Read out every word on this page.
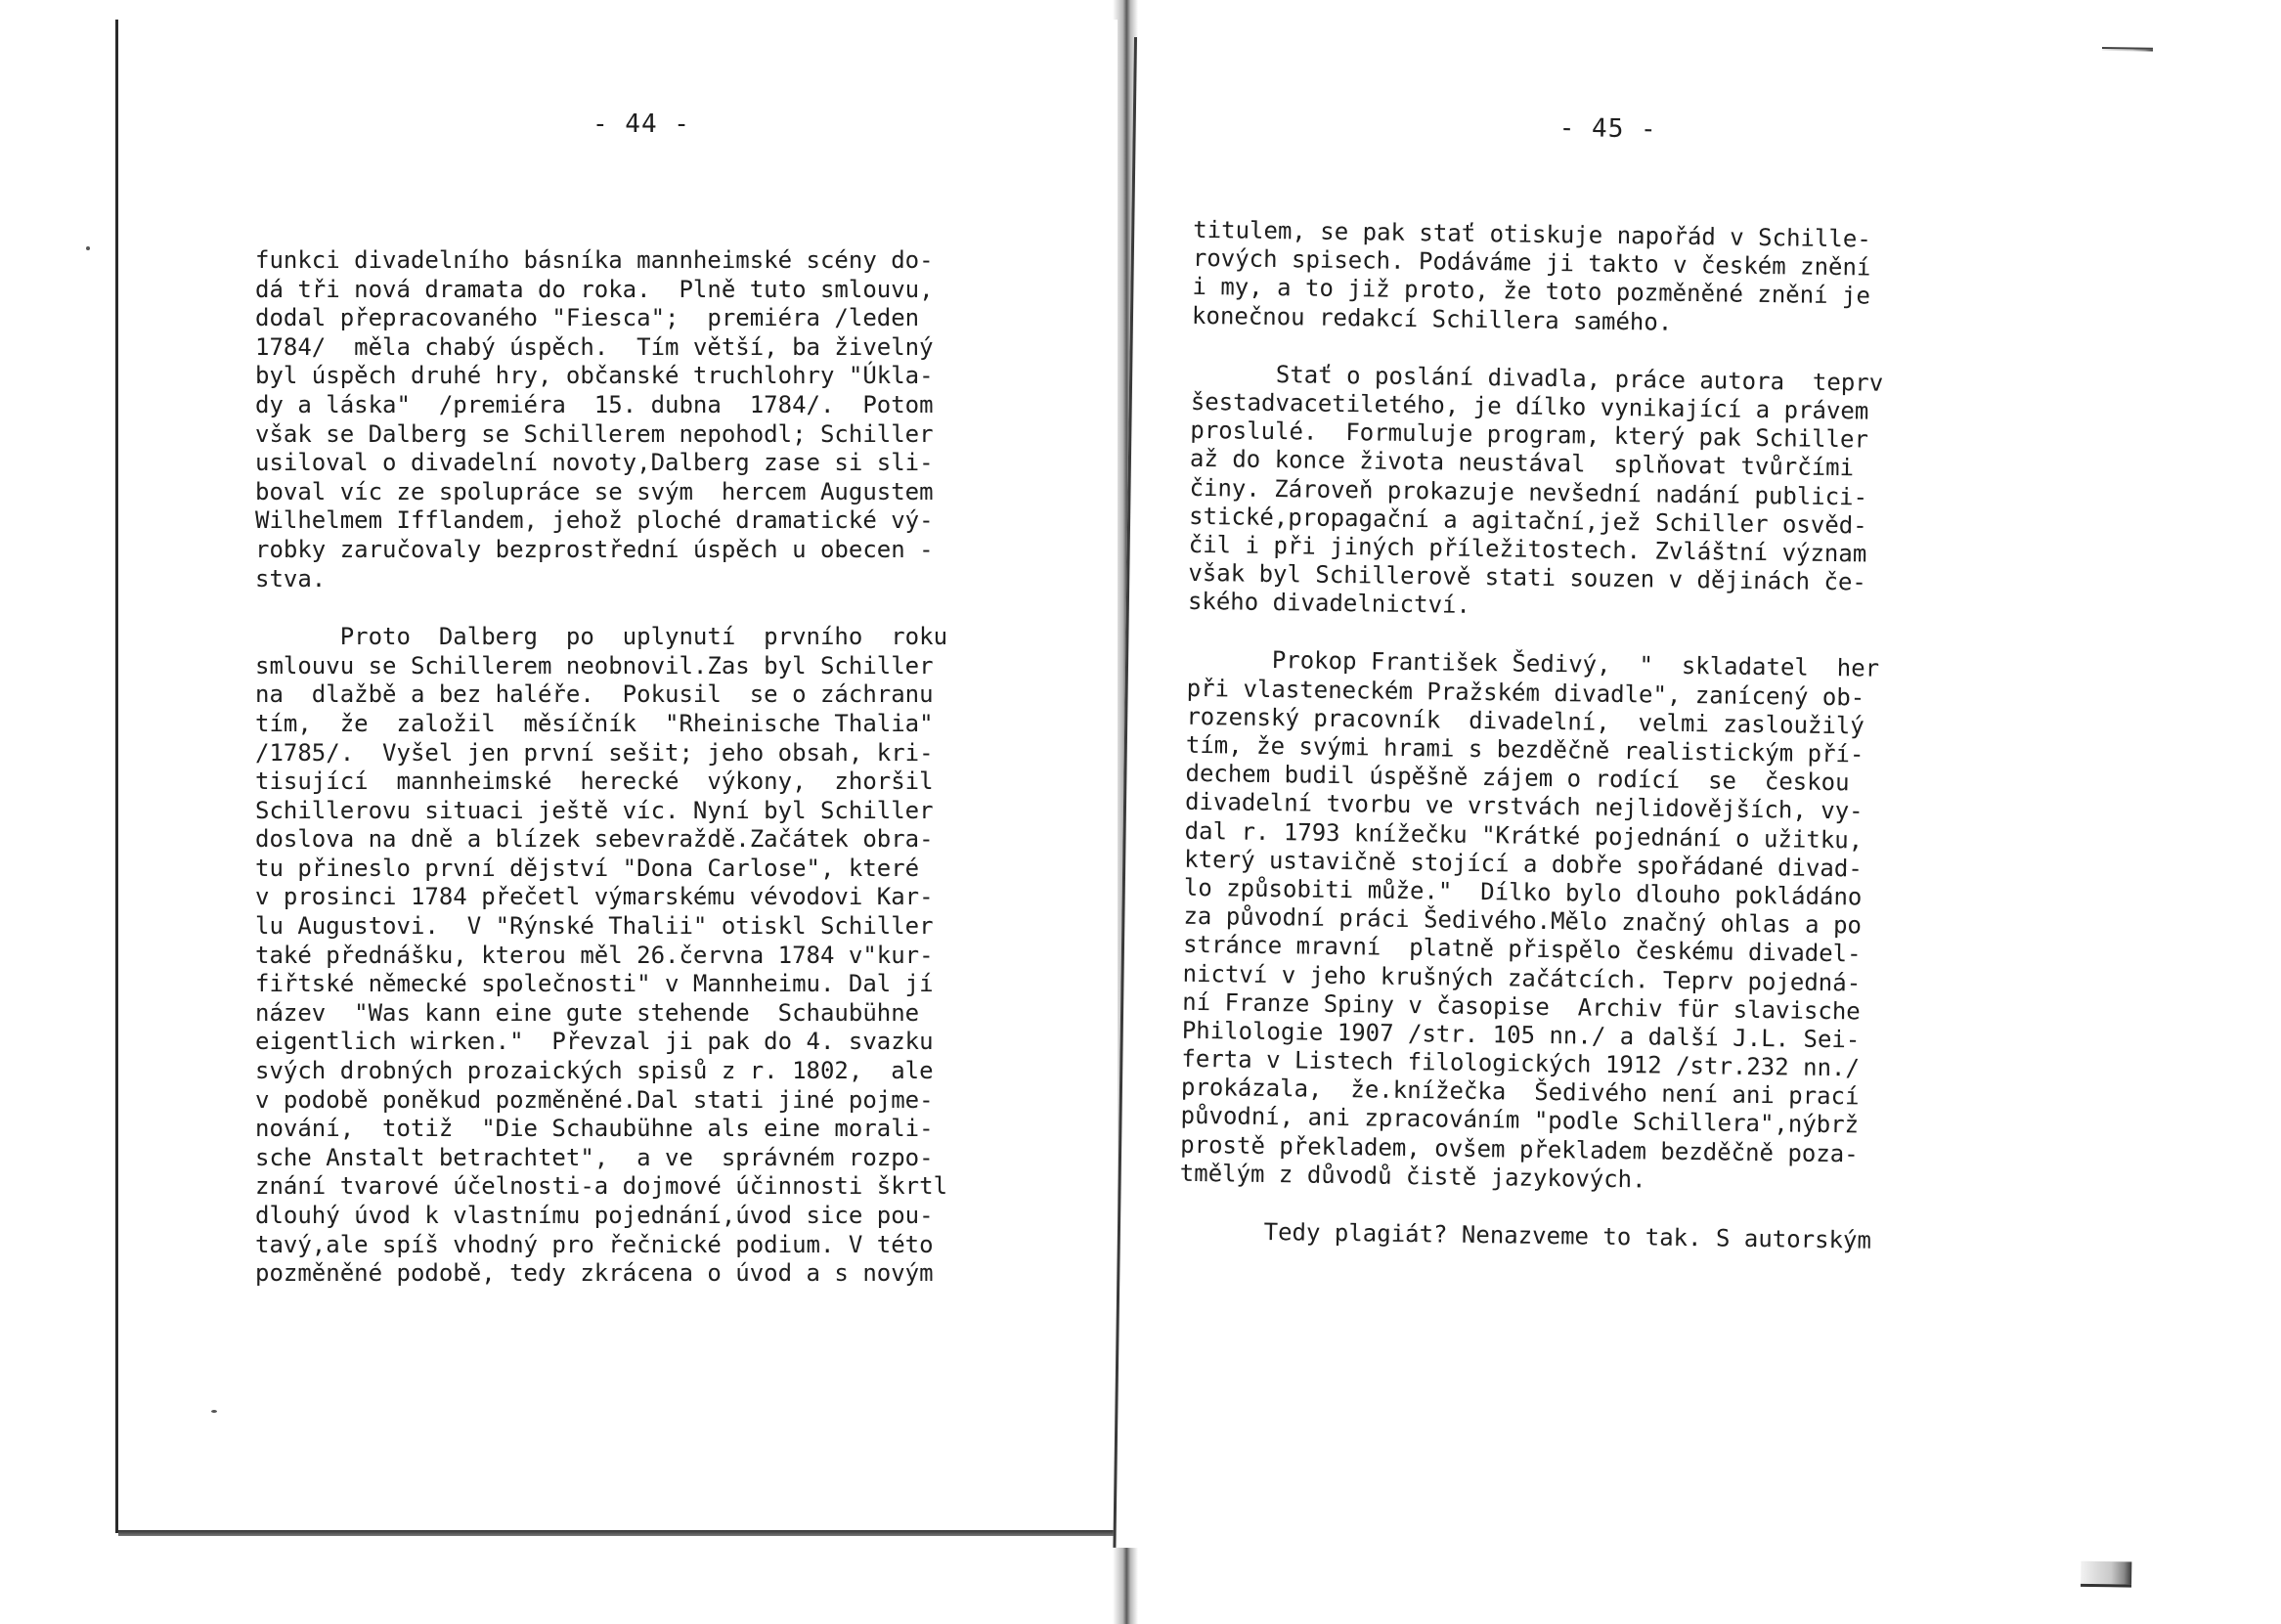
- 44 -
funkci divadelního básníka mannheimské scény do-
dá tři nová dramata do roka.  Plně tuto smlouvu,
dodal přepracovaného "Fiesca";  premiéra /leden
1784/  měla chabý úspěch.  Tím větší, ba živelný
byl úspěch druhé hry, občanské truchlohry "Úkla-
dy a láska"  /premiéra  15. dubna  1784/.  Potom
však se Dalberg se Schillerem nepohodl; Schiller
usiloval o divadelní novoty,Dalberg zase si sli-
boval víc ze spolupráce se svým  hercem Augustem
Wilhelmem Ifflandem, jehož ploché dramatické vý-
robky zaručovaly bezprostřední úspěch u obecen -
stva.
Proto  Dalberg  po  uplynutí  prvního  roku
smlouvu se Schillerem neobnovil.Zas byl Schiller
na  dlažbě a bez haléře.  Pokusil  se o záchranu
tím,  že  založil  měsíčník  "Rheinische Thalia"
/1785/.  Vyšel jen první sešit; jeho obsah, kri-
tisující  mannheimské  herecké  výkony,  zhoršil
Schillerovu situaci ještě víc. Nyní byl Schiller
doslova na dně a blízek sebevraždě.Začátek obra-
tu přineslo první dějství "Dona Carlose", které
v prosinci 1784 přečetl výmarskému vévodovi Kar-
lu Augustovi.  V "Rýnské Thalii" otiskl Schiller
také přednášku, kterou měl 26.června 1784 v"kur-
fiřtské německé společnosti" v Mannheimu. Dal jí
název  "Was kann eine gute stehende  Schaubühne
eigentlich wirken."  Převzal ji pak do 4. svazku
svých drobných prozaických spisů z r. 1802,  ale
v podobě poněkud pozměněné.Dal stati jiné pojme-
nování,  totiž  "Die Schaubühne als eine morali-
sche Anstalt betrachtet",  a ve  správném rozpo-
znání tvarové účelnosti-a dojmové účinnosti škrtl
dlouhý úvod k vlastnímu pojednání,úvod sice pou-
tavý,ale spíš vhodný pro řečnické podium. V této
pozměněné podobě, tedy zkrácena o úvod a s novým
- 45 -
titulem, se pak stať otiskuje napořád v Schille-
rových spisech. Podáváme ji takto v českém znění
i my, a to již proto, že toto pozměněné znění je
konečnou redakcí Schillera samého.
Stať o poslání divadla, práce autora  teprv
šestadvacetiletého, je dílko vynikající a právem
proslulé.  Formuluje program, který pak Schiller
až do konce života neustával  splňovat tvůrčími
činy. Zároveň prokazuje nevšední nadání publici-
stické,propagační a agitační,jež Schiller osvěd-
čil i při jiných příležitostech. Zvláštní význam
však byl Schillerově stati souzen v dějinách če-
ského divadelnictví.
Prokop František Šedivý,  "  skladatel  her
při vlasteneckém Pražském divadle", zanícený ob-
rozenský pracovník  divadelní,  velmi zasloužilý
tím, že svými hrami s bezděčně realistickým pří-
dechem budil úspěšně zájem o rodící  se  českou
divadelní tvorbu ve vrstvách nejlidovějších, vy-
dal r. 1793 knížečku "Krátké pojednání o užitku,
který ustavičně stojící a dobře spořádané divad-
lo způsobiti může."  Dílko bylo dlouho pokládáno
za původní práci Šedivého.Mělo značný ohlas a po
stránce mravní  platně přispělo českému divadel-
nictví v jeho krušných začátcích. Teprv pojedná-
ní Franze Spiny v časopise  Archiv für slavische
Philologie 1907 /str. 105 nn./ a další J.L. Sei-
ferta v Listech filologických 1912 /str.232 nn./
prokázala,  že.knížečka  Šedivého není ani prací
původní, ani zpracováním "podle Schillera",nýbrž
prostě překladem, ovšem překladem bezděčně poza-
tmělým z důvodů čistě jazykových.
Tedy plagiát? Nenazveme to tak. S autorským
